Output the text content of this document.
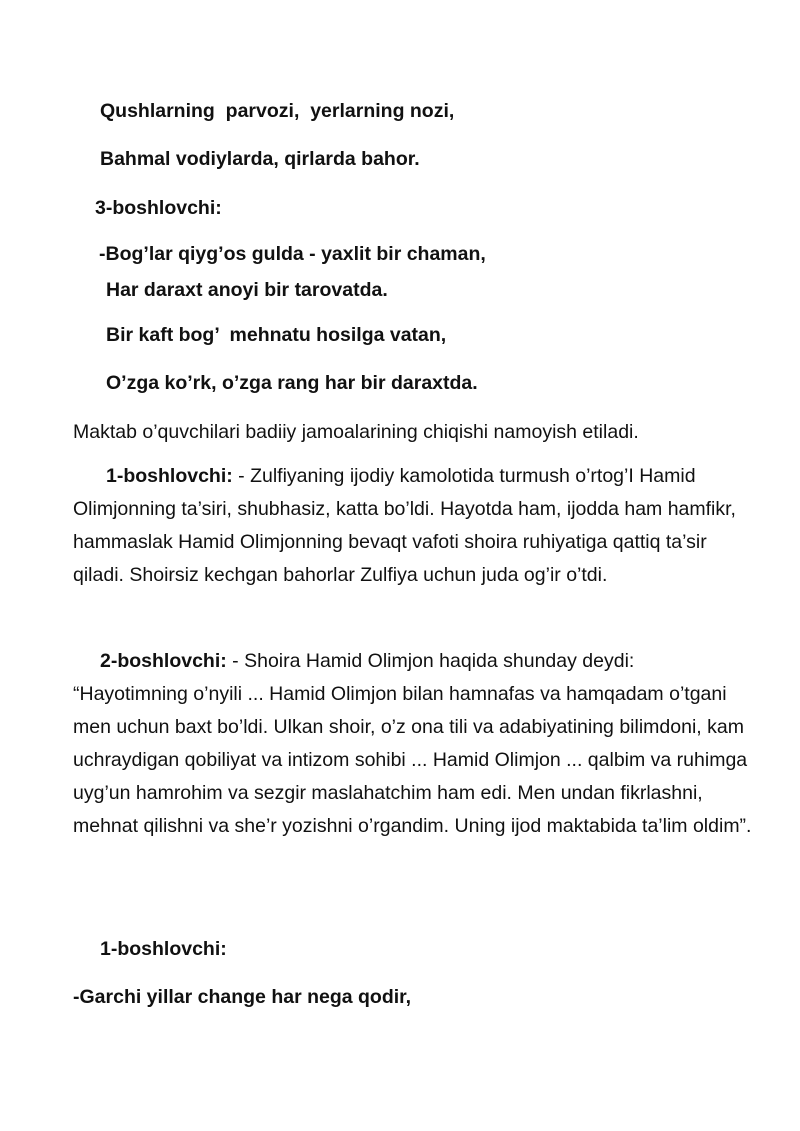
Qushlarning  parvozi,  yerlarning nozi,
Bahmal vodiylarda, qirlarda bahor.
3-boshlovchi:
-Bog’lar qiyg’os gulda - yaxlit bir chaman,
Har daraxt anoyi bir tarovatda.
Bir kaft bog’  mehnatu hosilga vatan,
O’zga ko’rk, o’zga rang har bir daraxtda.
Maktab o’quvchilari badiiy jamoalarining chiqishi namoyish etiladi.

1-boshlovchi: - Zulfiyaning ijodiy kamolotida turmush o’rtog’I Hamid Olimjonning ta’siri, shubhasiz, katta bo’ldi. Hayotda ham, ijodda ham hamfikr, hammaslak Hamid Olimjonning bevaqt vafoti shoira ruhiyatiga qattiq ta’sir qiladi. Shoirsiz kechgan bahorlar Zulfiya uchun juda og’ir o’tdi.

2-boshlovchi: - Shoira Hamid Olimjon haqida shunday deydi: “Hayotimning o’nyili ... Hamid Olimjon bilan hamnafas va hamqadam o’tgani men uchun baxt bo’ldi. Ulkan shoir, o’z ona tili va adabiyatining bilimdoni, kam uchraydigan qobiliyat va intizom sohibi ... Hamid Olimjon ... qalbim va ruhimga uyg’un hamrohim va sezgir maslahatchim ham edi. Men undan fikrlashni, mehnat qilishni va she’r yozishni o’rgandim. Uning ijod maktabida ta’lim oldim”.

1-boshlovchi:
-Garchi yillar change har nega qodir,
